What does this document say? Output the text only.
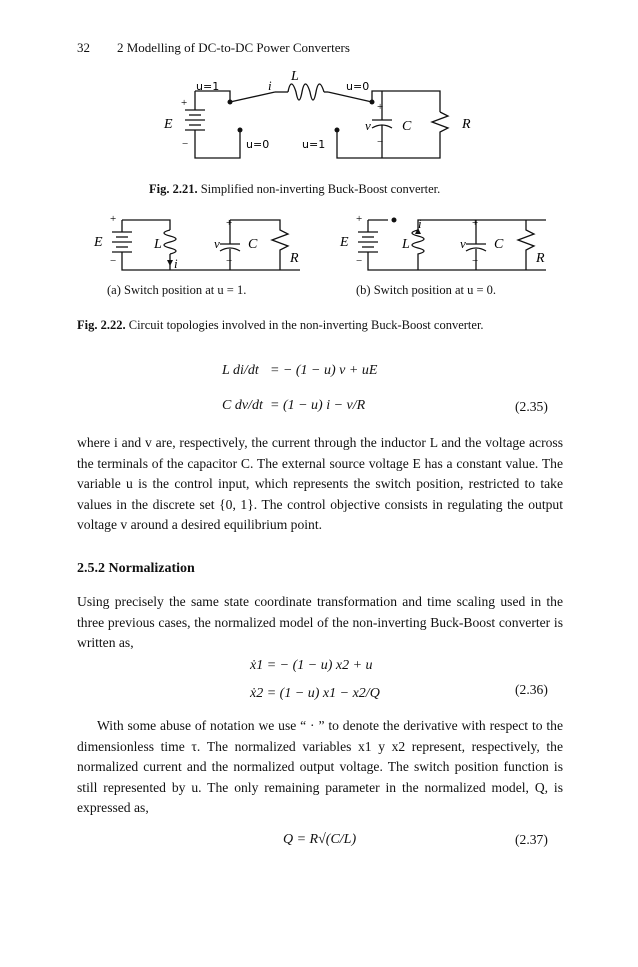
32 2 Modelling of DC-to-DC Power Converters
u=1	i
L
u=0
+
E
−
+
v C	R
−
u=0	u=1
Fig. 2.21. Simplified non-inverting Buck-Boost converter.
+
E
−
L
i
+
v C
−	R
+
E
−
L
i	+
v C
−	R
(a) Switch position at u = 1.	(b) Switch position at u = 0.
Fig. 2.22. Circuit topologies involved in the non-inverting Buck-Boost converter.
L di/dt = − (1 − u) v + uE
C dv/dt = (1 − u) i − v/R	(2.35)
where i and v are, respectively, the current through the inductor L and the voltage across the terminals of the capacitor C. The external source voltage E has a constant value. The variable u is the control input, which represents the switch position, restricted to take values in the discrete set {0, 1}. The control objective consists in regulating the output voltage v around a desired equilibrium point.
2.5.2 Normalization
Using precisely the same state coordinate transformation and time scaling used in the three previous cases, the normalized model of the non-inverting Buck-Boost converter is written as,
ẋ1 = − (1 − u) x2 + u
ẋ2 = (1 − u) x1 − x2/Q	(2.36)
With some abuse of notation we use “ · ” to denote the derivative with respect to the dimensionless time τ. The normalized variables x1 y x2 represent, respectively, the normalized current and the normalized output voltage. The switch position function is still represented by u. The only remaining parameter in the normalized model, Q, is expressed as,
Q = R√(C/L)	(2.37)
